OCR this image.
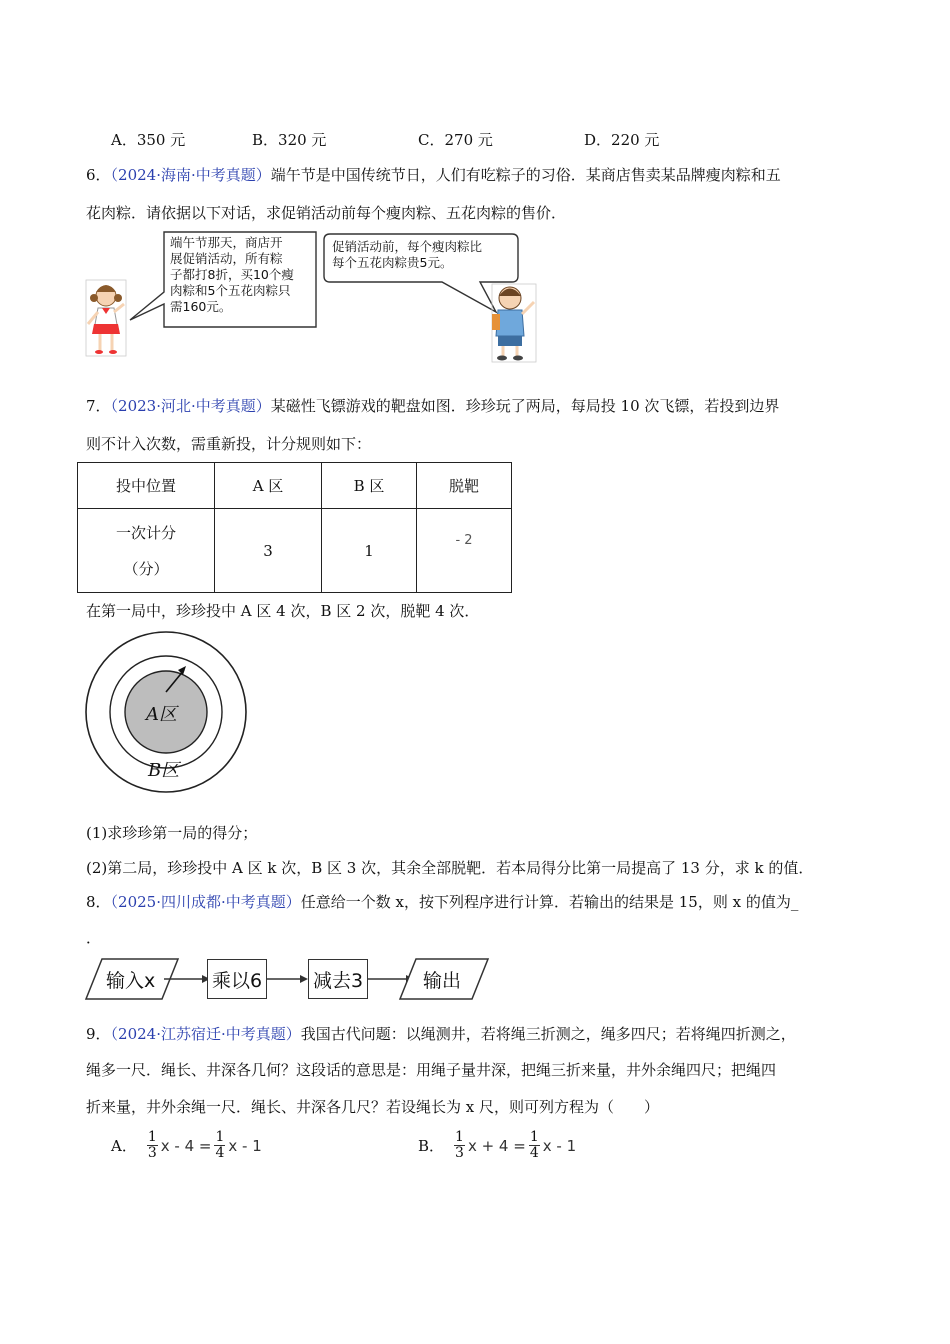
A．350 元	B．320 元	C．270 元	D．220 元
6．（2024·海南·中考真题）端午节是中国传统节日，人们有吃粽子的习俗．某商店售卖某品牌瘦肉粽和五
花肉粽．请依据以下对话，求促销活动前每个瘦肉粽、五花肉粽的售价．
端午节那天，商店开
展促销活动，所有粽
子都打8折，买10个瘦
肉粽和5个五花肉粽只
需160元。
促销活动前，每个瘦肉粽比
每个五花肉粽贵5元。
7．（2023·河北·中考真题）某磁性飞镖游戏的靶盘如图．珍珍玩了两局，每局投 10 次飞镖，若投到边界
则不计入次数，需重新投，计分规则如下：
投中位置	A 区	B 区	脱靶

一次计分
（分）	3	1	- 2
在第一局中，珍珍投中 A 区 4 次，B 区 2 次，脱靶 4 次．
A区
B区
(1)求珍珍第一局的得分；
(2)第二局，珍珍投中 A 区 k 次，B 区 3 次，其余全部脱靶．若本局得分比第一局提高了 13 分，求 k 的值．
8．（2025·四川成都·中考真题）任意给一个数 x，按下列程序进行计算．若输出的结果是 15，则 x 的值为_
．
输入x	乘以6	减去3	输出
9．（2024·江苏宿迁·中考真题）我国古代问题：以绳测井，若将绳三折测之，绳多四尺；若将绳四折测之，
绳多一尺．绳长、井深各几何？这段话的意思是：用绳子量井深，把绳三折来量，井外余绳四尺；把绳四
折来量，井外余绳一尺．绳长、井深各几尺？若设绳长为 x 尺，则可列方程为（　　）
A． $\frac{1}{3}$ $x - 4 = \frac{1}{4}$ x - 1	B． $\frac{1}{3}$ $x + 4 = \frac{1}{4}$ x - 1
